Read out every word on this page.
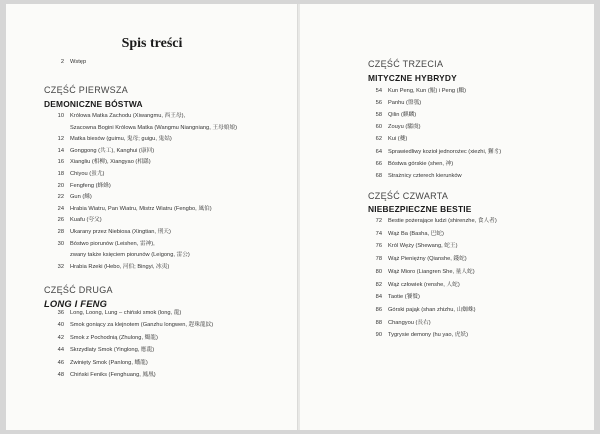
Spis treści
2 Wstęp
CZĘŚĆ PIERWSZA
DEMONICZNE BÓSTWA
10 Królowa Matka Zachodu (Xiwangmu, 西王母),
Szacowna Bogini Królowa Matka (Wangmu Niangniang, 王母娘娘)
12 Matka biesów (guimu, 鬼母; guigu, 鬼姑)
14 Gonggong (共工), Kanghui (康回)
16 Xiangliu (相柳), Xiangyao (相繇)
18 Chiyou (蚩尤)
20 Fengfeng (蜂蜂)
22 Gun (鯀)
24 Hrabia Wiatru, Pan Wiatru, Mistrz Wiatru (Fengbo, 風伯)
26 Kuafu (夸父)
28 Ukarany przez Niebiosa (Xingtian, 刑天)
30 Bóstwo piorunów (Leishen, 雷神),
zwany także księciem piorunów (Leigong, 雷公)
32 Hrabia Rzeki (Hebo, 河伯; Bingyi, 冰夷)
CZĘŚĆ DRUGA
LONG I FENG
36 Long, Loong, Lung – chiński smok (long, 龍)
40 Smok goniący za klejnotem (Ganzhu longwen, 趕珠龍紋)
42 Smok z Pochodnią (Zhulong, 燭龍)
44 Skrzydlaty Smok (Yinglong, 應龍)
46 Zwinięty Smok (Panlong, 蟠龍)
48 Chiński Feniks (Fenghuang, 鳳凰)
CZĘŚĆ TRZECIA
MITYCZNE HYBRYDY
54 Kun Peng, Kun (鯤) i Peng (鵬)
56 Panhu (盤瓠)
58 Qilin (麒麟)
60 Zouyu (騶虞)
62 Kui (夔)
64 Sprawiedliwy kozioł jednorożec (xiezhi, 獬豸)
66 Bóstwa górskie (shen, 神)
68 Strażnicy czterech kierunków
CZĘŚĆ CZWARTA
NIEBEZPIECZNE BESTIE
72 Bestie pożerające ludzi (shirenzhe, 食人者)
74 Wąż Ba (Basha, 巴蛇)
76 Król Węży (Shewang, 蛇王)
78 Wąż Pieniężny (Qianshe, 錢蛇)
80 Wąż Mioro (Liangren She, 量人蛇)
82 Wąż człowiek (renshe, 人蛇)
84 Taotie (饕餮)
86 Górski pająk (shan zhizhu, 山蜘蛛)
88 Changyou (長右)
90 Tygrysie demony (hu yao, 虎妖)
